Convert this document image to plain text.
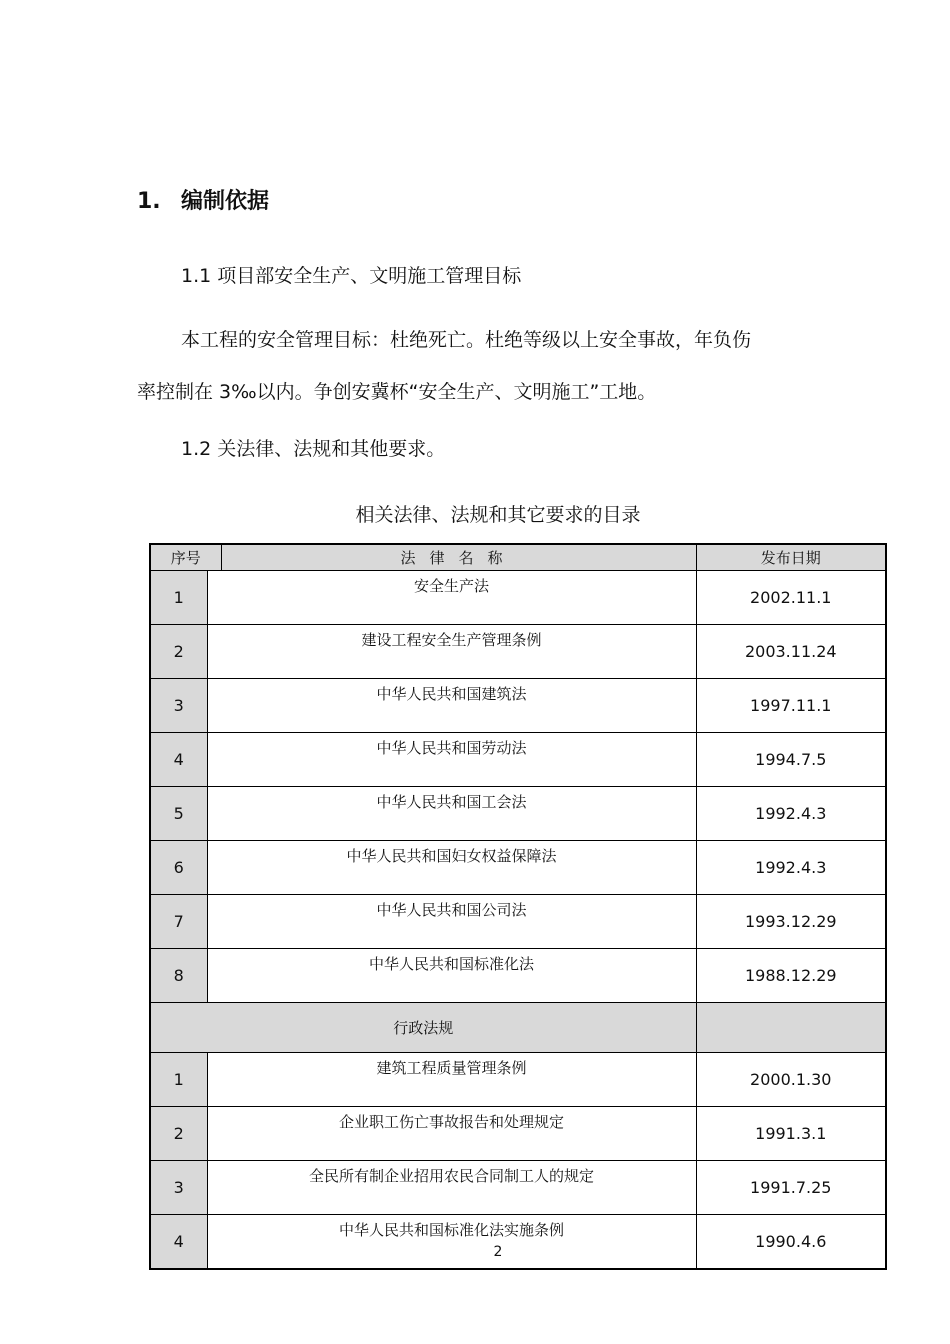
1. 编制依据
1.1 项目部安全生产、文明施工管理目标
本工程的安全管理目标：杜绝死亡。杜绝等级以上安全事故，年负伤
率控制在 3‰以内。争创安冀杯“安全生产、文明施工”工地。
1.2 关法律、法规和其他要求。
相关法律、法规和其它要求的目录
序号		法律名称	发布日期
1	安全生产法		2002.11.1
2	建设工程安全生产管理条例		2003.11.24
3	中华人民共和国建筑法		1997.11.1
4	中华人民共和国劳动法		1994.7.5
5	中华人民共和国工会法		1992.4.3
6	中华人民共和国妇女权益保障法		1992.4.3
7	中华人民共和国公司法		1993.12.29
8	中华人民共和国标准化法		1988.12.29
行政法规			
1	建筑工程质量管理条例		2000.1.30
2	企业职工伤亡事故报告和处理规定		1991.3.1
3	全民所有制企业招用农民合同制工人的规定		1991.7.25
4	中华人民共和国标准化法实施条例		1990.4.6
2
